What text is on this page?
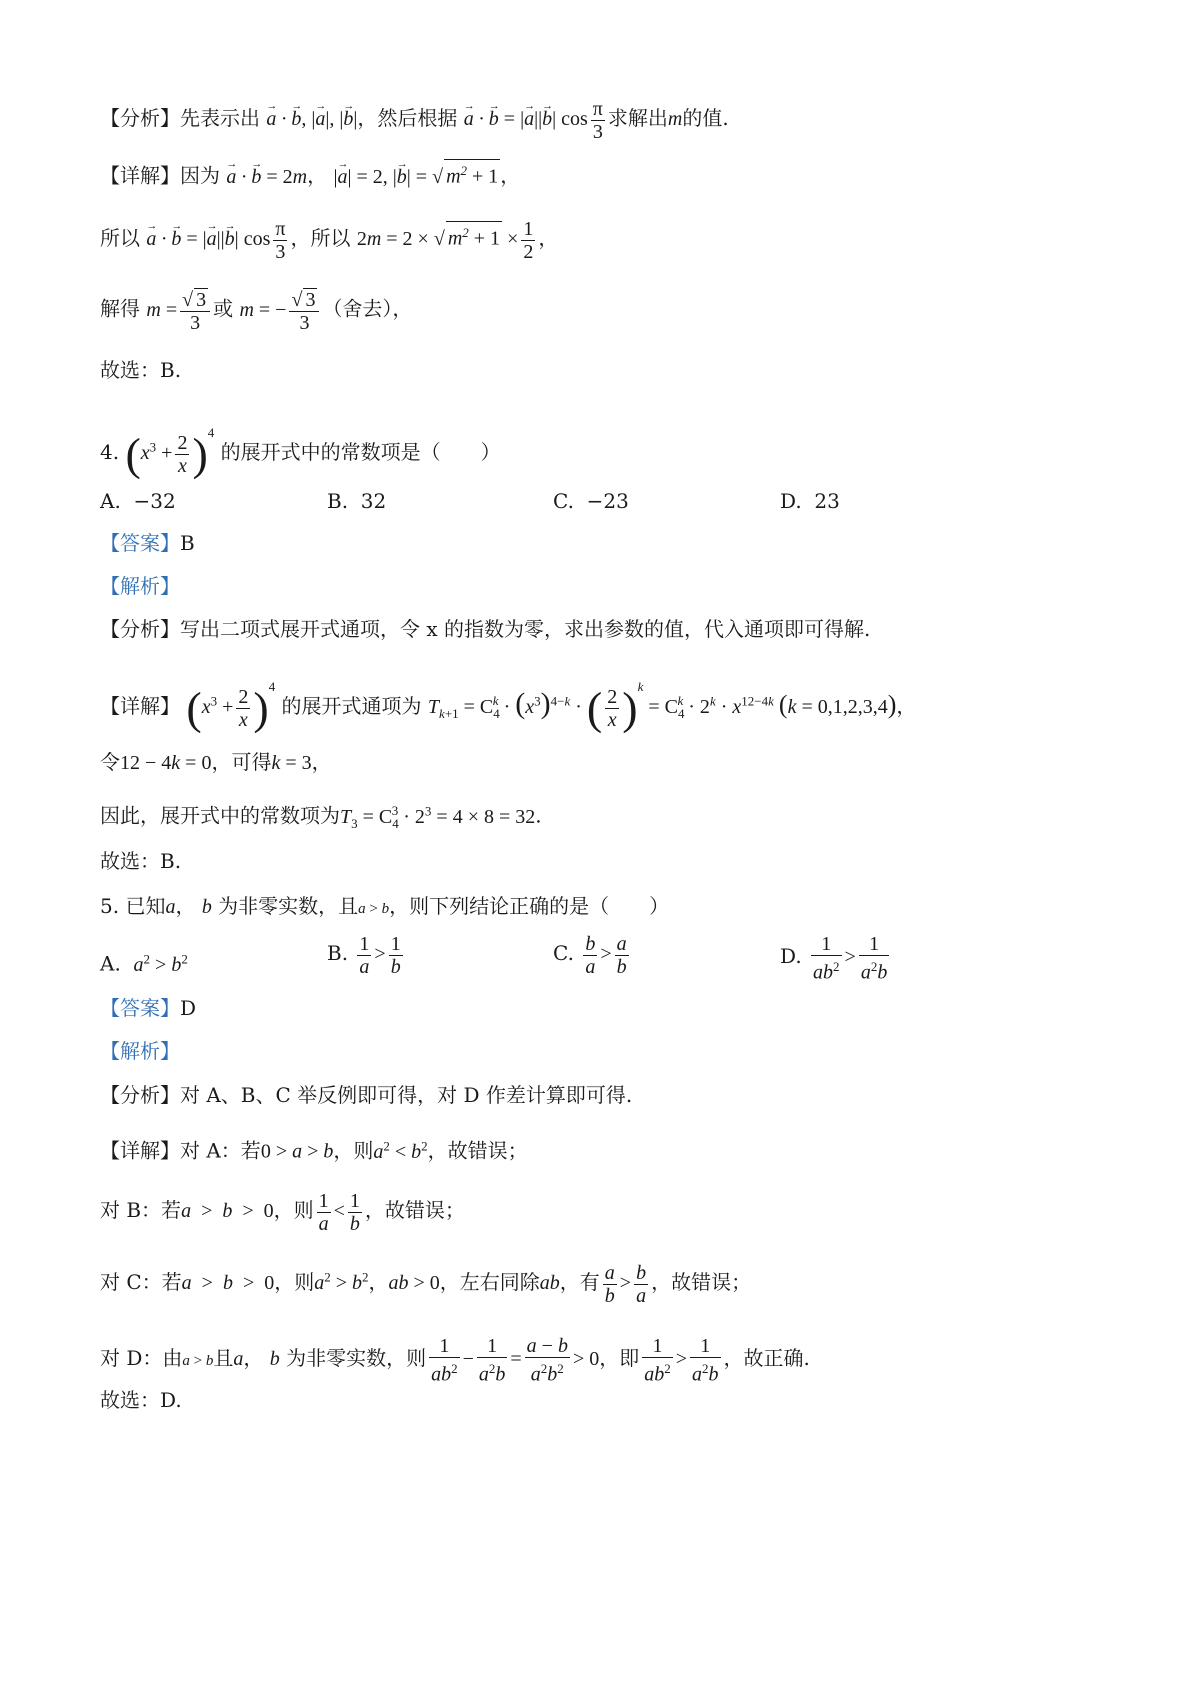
【分析】先表示出 → a · → b, |→ a|, |→ b|，然后根据 → a · → b = |→ a||→ b| $\cos \frac{\pi}{3}$ 求解出m的值.
【详解】因为 → a · → b = 2m， |→ a| = 2, |→ b| = √ $m^2 + 1$ ，
所以 → a · → b = |→ a||→ b| $\cos \frac{\pi}{3}$ ，所以 2m = 2 × √ $m^2 + 1 \times \frac{1}{2}$ ，
解得 $m = \frac{√ 3}{3}$ 或 m = − $\frac{√ 3}{3}$ （舍去），
故选：B.
4. $(x^3 + \frac{2}{x} )^4$ 的展开式中的常数项是（　　）
A. −32	B. 32	C. −23	D. 23
【答案】B
【解析】
【分析】写出二项式展开式通项，令 x 的指数为零，求出参数的值，代入通项即可得解.
【详解】 $(x^3 + \frac{2}{x} )^4$ 的展开式通项为 $T_{k+1} = C_4^k \cdot (x^3)^{4-k}$ · ( $\frac{2}{x} )^k = C_4^k \cdot 2^k \cdot x^{12-4k}$ (k = 0,1,2,3,4)，
令12 − 4k = 0，可得k = 3，
因此，展开式中的常数项为$T_3 = C_4^3 \cdot 2^3 = 4 \times 8 = 32$.
故选：B.
5. 已知a， b 为非零实数，且a > b，则下列结论正确的是（　　）
A. $a^2 > b^2$	B. $\frac{1}{a} > \frac{1}{b}$	C. $\frac{b}{a} > \frac{a}{b}$	D. $\frac{1}{ab^2} > \frac{1}{a^2b}$
【答案】D
【解析】
【分析】对 A、B、C 举反例即可得，对 D 作差计算即可得.
【详解】对 A：若0 > a > b，则$a^2 < b^2$，故错误；
对 B：若a  >  b  > 0，则 $\frac{1}{a} < \frac{1}{b}$ ，故错误；
对 C：若a  >  b  > 0，则$a^2 > b^2$，ab > 0，左右同除ab，有 $\frac{a}{b} > \frac{b}{a}$ ，故错误；
对 D：由a > b且a， b 为非零实数，则 $\frac{1}{ab^2} - \frac{1}{a^2b} = \frac{a - b}{a^2b^2} > 0$，即 $\frac{1}{ab^2} > \frac{1}{a^2b}$ ，故正确.
故选：D.
